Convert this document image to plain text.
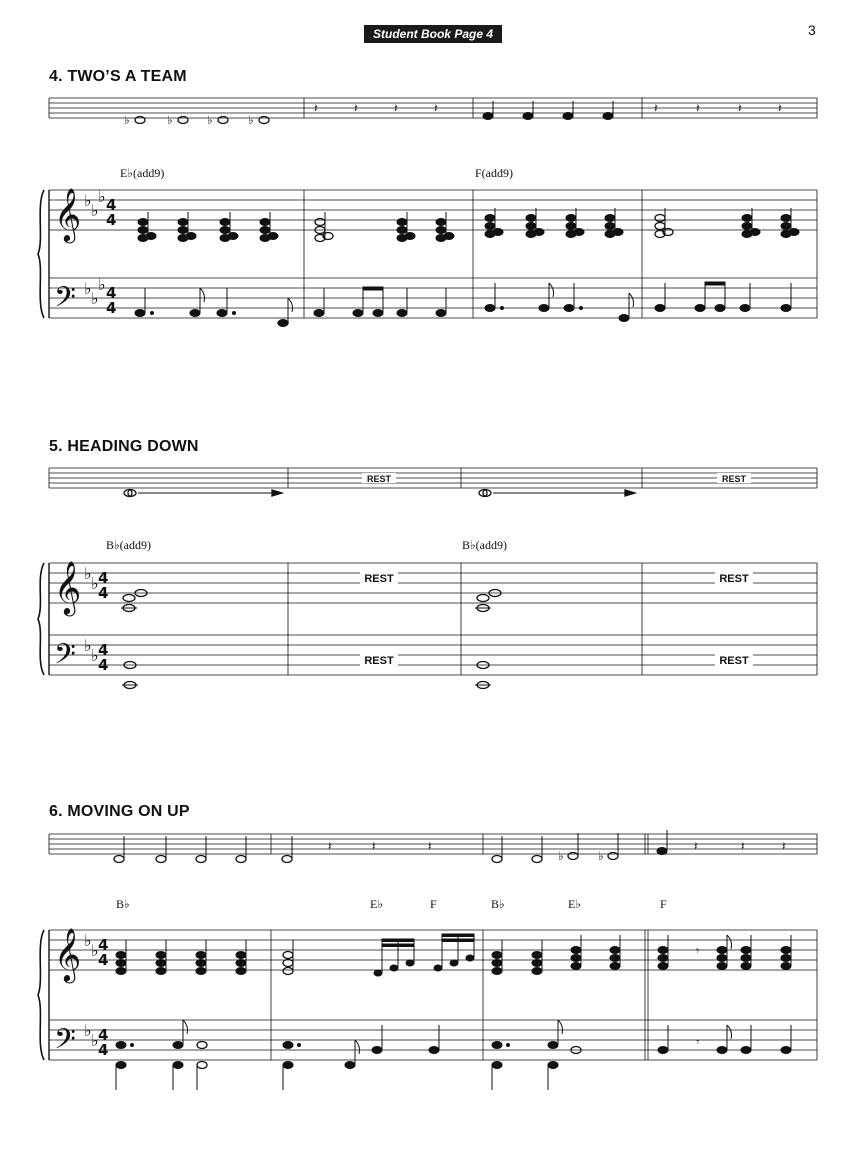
Student Book Page 4	3
4. TWO’S A TEAM
5. HEADING DOWN
6. MOVING ON UP
E♭(add9)	F(add9)
B♭(add9)	B♭(add9)
B♭	E♭	F	B♭	E♭	F
𝄞
𝄢
♭
♭
♭
♭
♭
♭
4
4
4
4
𝄞
𝄢
♭
♭
♭
♭
4
4
4
4
𝄞
𝄢
♭
♭
♭
♭
4
4
4
4
REST	REST
REST	REST
REST	REST
♭	♭	♭	♭
𝄽	𝄽	𝄽	𝄽	𝄽	𝄽	𝄽	𝄽
𝄽	𝄽	𝄽
♭	♭
𝄽	𝄽	𝄽
𝄾
𝄾
